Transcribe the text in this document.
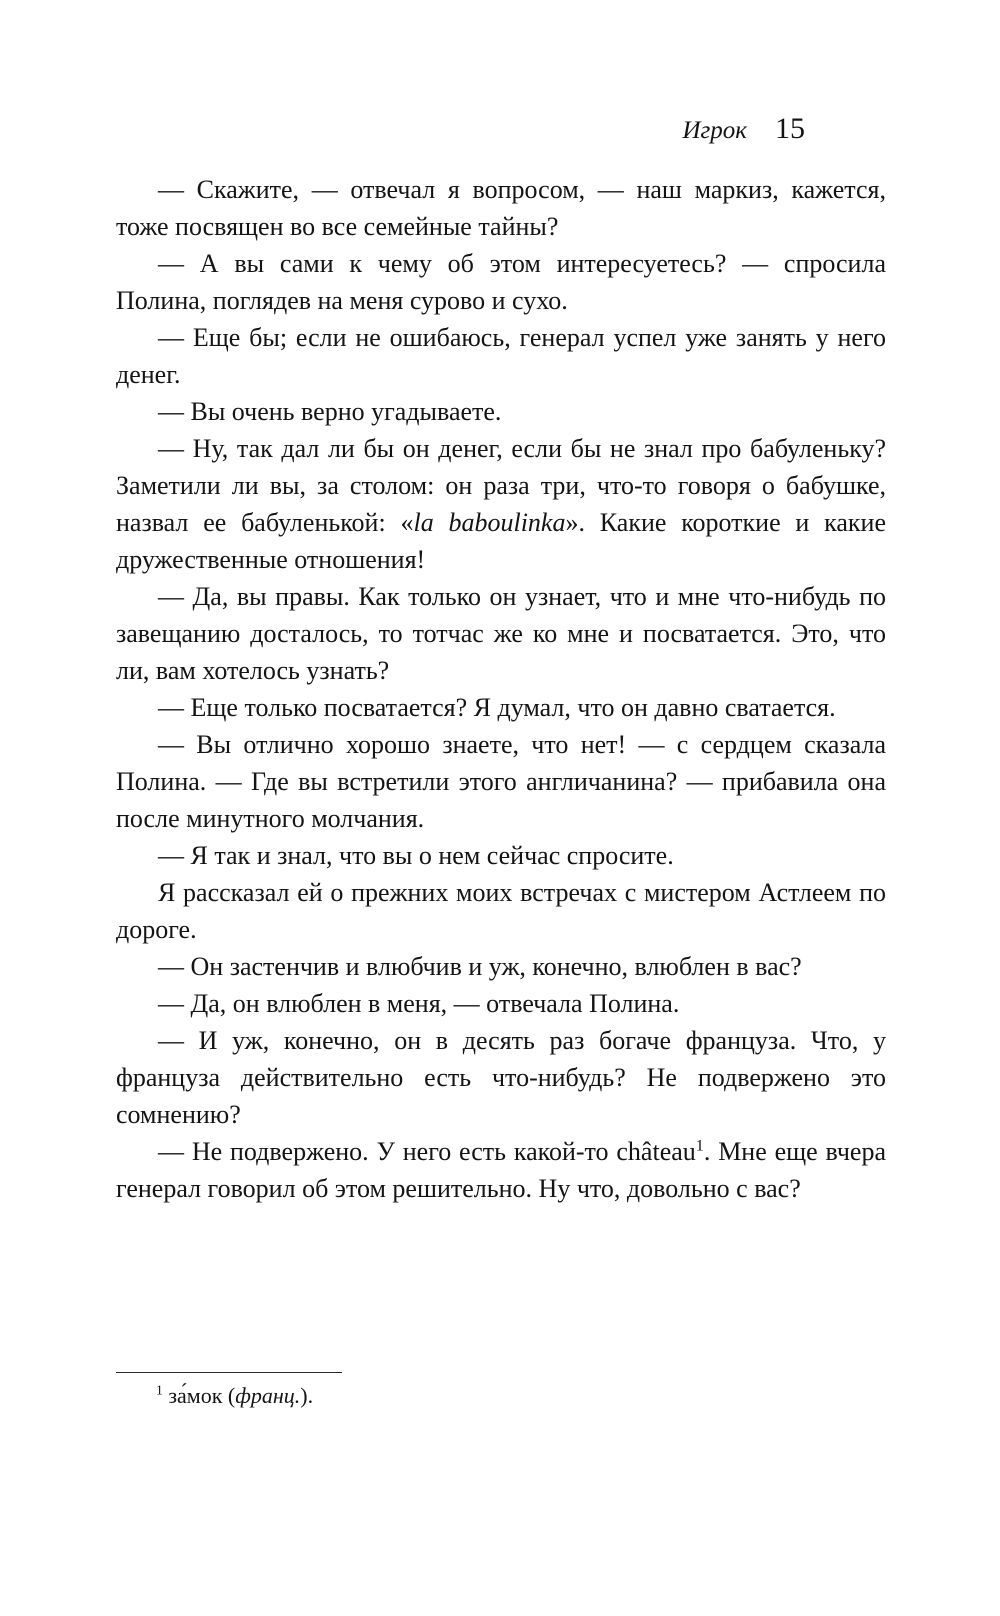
Игрок 15

— Скажите, — отвечал я вопросом, — наш маркиз, кажется, тоже посвящен во все семейные тайны?

— А вы сами к чему об этом интересуетесь? — спросила Полина, поглядев на меня сурово и сухо.

— Еще бы; если не ошибаюсь, генерал успел уже занять у него денег.

— Вы очень верно угадываете.

— Ну, так дал ли бы он денег, если бы не знал про бабуленьку? Заметили ли вы, за столом: он раза три, что-то говоря о бабушке, назвал ее бабуленькой: «la baboulinka». Какие короткие и какие дружественные отношения!

— Да, вы правы. Как только он узнает, что и мне что-нибудь по завещанию досталось, то тотчас же ко мне и посватается. Это, что ли, вам хотелось узнать?

— Еще только посватается? Я думал, что он давно сватается.

— Вы отлично хорошо знаете, что нет! — с сердцем сказала Полина. — Где вы встретили этого англичанина? — прибавила она после минутного молчания.

— Я так и знал, что вы о нем сейчас спросите.

Я рассказал ей о прежних моих встречах с мистером Астлеем по дороге.

— Он застенчив и влюбчив и уж, конечно, влюблен в вас?

— Да, он влюблен в меня, — отвечала Полина.

— И уж, конечно, он в десять раз богаче француза. Что, у француза действительно есть что-нибудь? Не подвержено это сомнению?

— Не подвержено. У него есть какой-то château$^1$. Мне еще вчера генерал говорил об этом решительно. Ну что, довольно с вас?

$^1$ за́мок (франц.).
